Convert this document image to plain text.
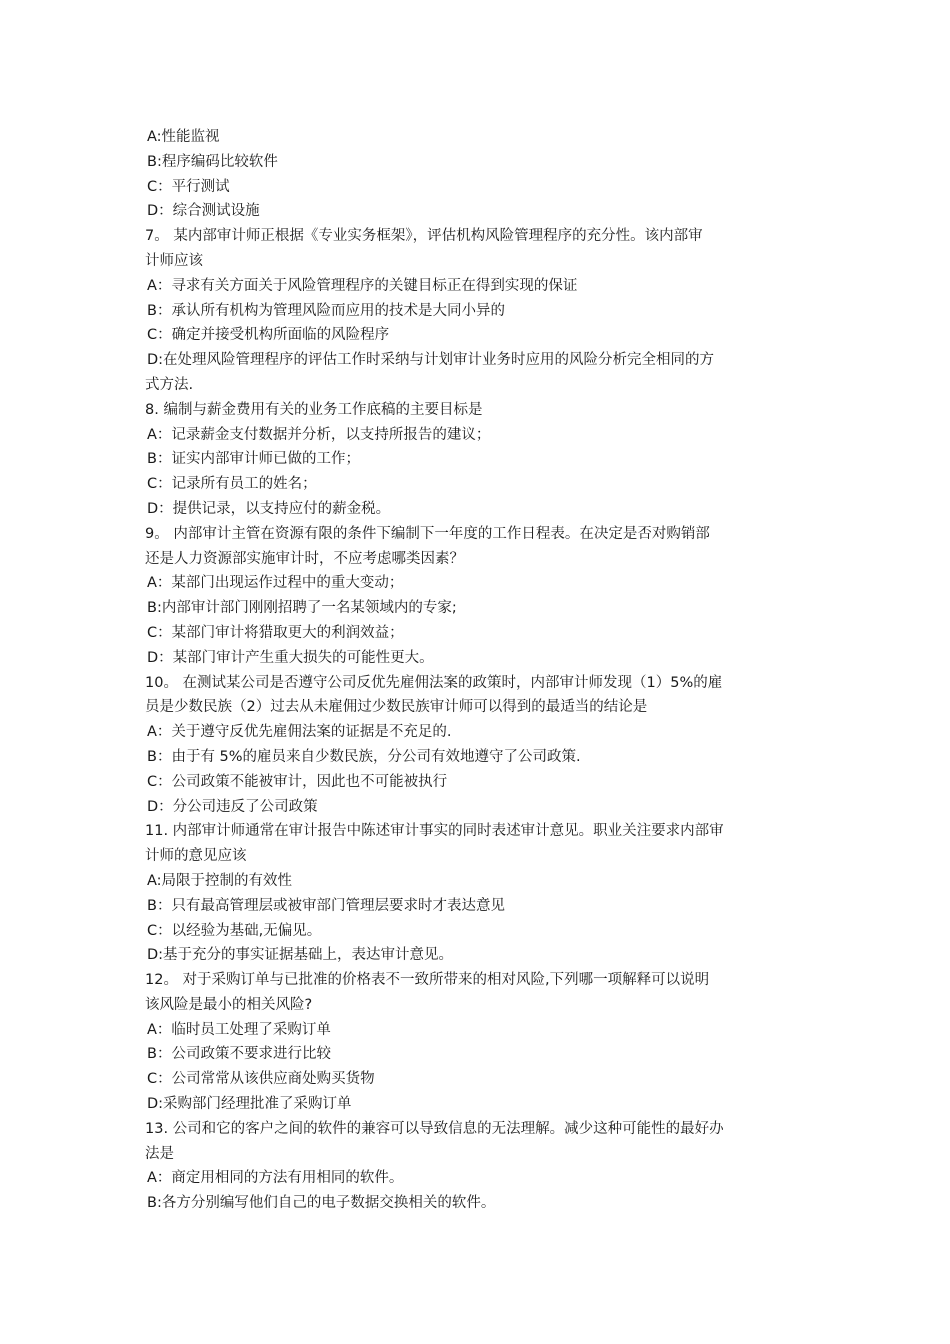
A:性能监视
B:程序编码比较软件
C：平行测试
D：综合测试设施
7。 某内部审计师正根据《专业实务框架》，评估机构风险管理程序的充分性。该内部审
计师应该
A：寻求有关方面关于风险管理程序的关键目标正在得到实现的保证
B：承认所有机构为管理风险而应用的技术是大同小异的
C：确定并接受机构所面临的风险程序
D:在处理风险管理程序的评估工作时采纳与计划审计业务时应用的风险分析完全相同的方
式方法.
8. 编制与薪金费用有关的业务工作底稿的主要目标是
A：记录薪金支付数据并分析，以支持所报告的建议；
B：证实内部审计师已做的工作；
C：记录所有员工的姓名；
D：提供记录，以支持应付的薪金税。
9。 内部审计主管在资源有限的条件下编制下一年度的工作日程表。在决定是否对购销部
还是人力资源部实施审计时，不应考虑哪类因素？
A：某部门出现运作过程中的重大变动；
B:内部审计部门刚刚招聘了一名某领域内的专家;
C：某部门审计将猎取更大的利润效益；
D：某部门审计产生重大损失的可能性更大。
10。 在测试某公司是否遵守公司反优先雇佣法案的政策时，内部审计师发现（1）5%的雇
员是少数民族（2）过去从未雇佣过少数民族审计师可以得到的最适当的结论是
A：关于遵守反优先雇佣法案的证据是不充足的.
B：由于有 5%的雇员来自少数民族，分公司有效地遵守了公司政策.
C：公司政策不能被审计，因此也不可能被执行
D：分公司违反了公司政策
11. 内部审计师通常在审计报告中陈述审计事实的同时表述审计意见。职业关注要求内部审
计师的意见应该
A:局限于控制的有效性
B：只有最高管理层或被审部门管理层要求时才表达意见
C：以经验为基础,无偏见。
D:基于充分的事实证据基础上，表达审计意见。
12。 对于采购订单与已批准的价格表不一致所带来的相对风险,下列哪一项解释可以说明
该风险是最小的相关风险?
A：临时员工处理了采购订单
B：公司政策不要求进行比较
C：公司常常从该供应商处购买货物
D:采购部门经理批准了采购订单
13. 公司和它的客户之间的软件的兼容可以导致信息的无法理解。减少这种可能性的最好办
法是
A：商定用相同的方法有用相同的软件。
B:各方分别编写他们自己的电子数据交换相关的软件。
